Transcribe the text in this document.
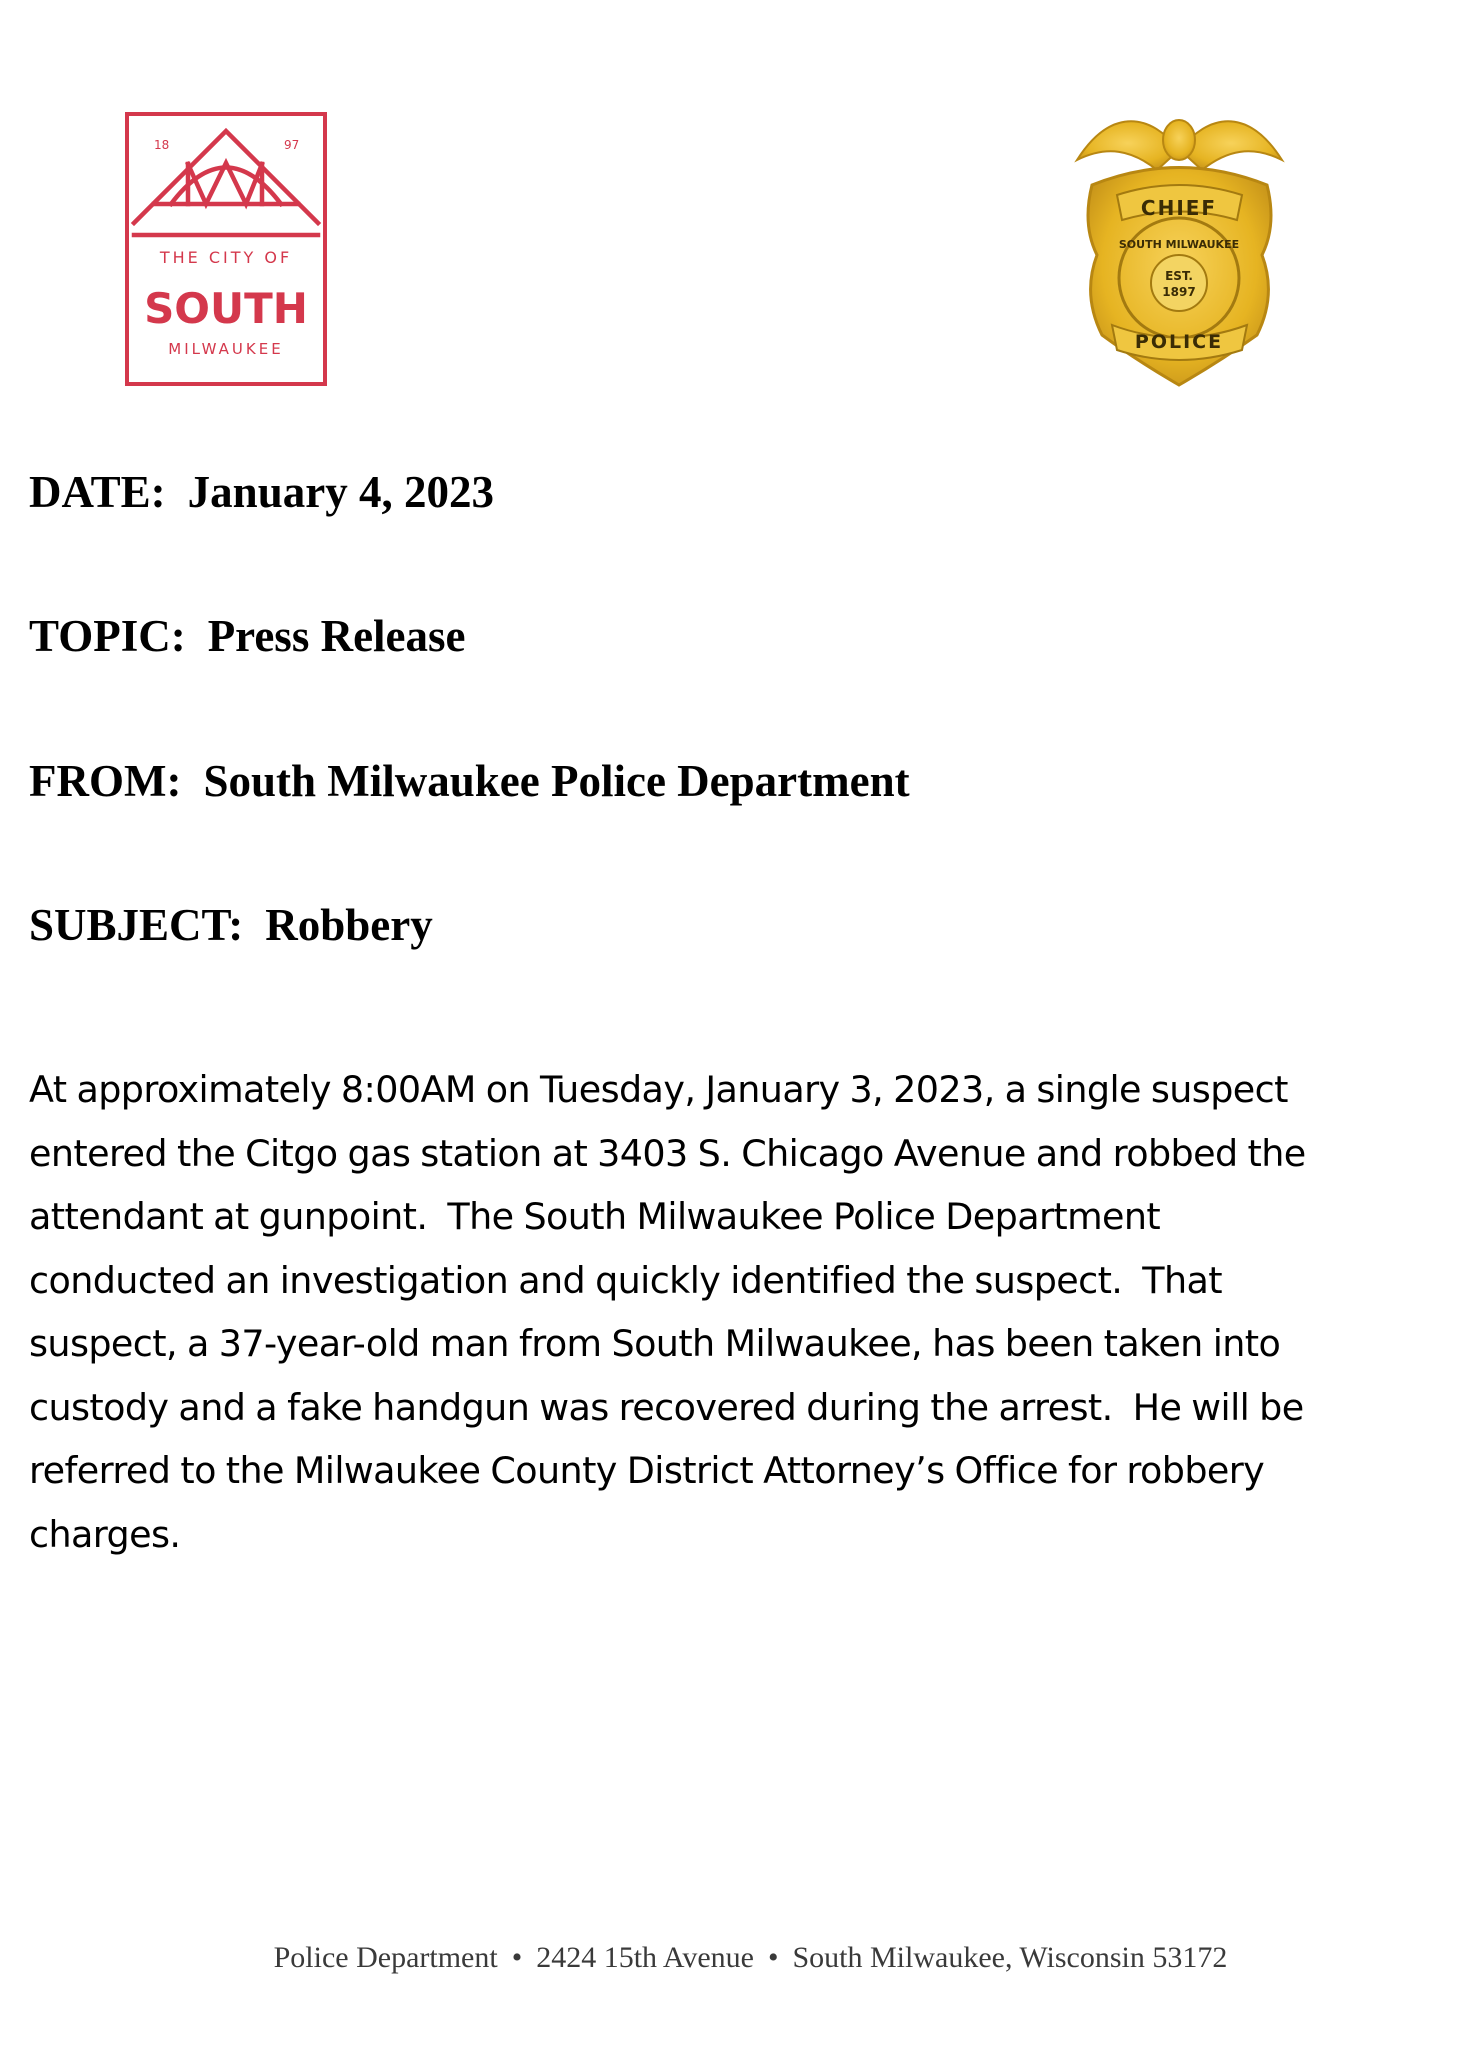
18	97
THE CITY OF
SOUTH
MILWAUKEE
CHIEF
SOUTH MILWAUKEE
EST.
1897
POLICE
DATE: January 4, 2023
TOPIC: Press Release
FROM: South Milwaukee Police Department
SUBJECT: Robbery

At approximately 8:00AM on Tuesday, January 3, 2023, a single suspect
entered the Citgo gas station at 3403 S. Chicago Avenue and robbed the
attendant at gunpoint.  The South Milwaukee Police Department
conducted an investigation and quickly identified the suspect.  That
suspect, a 37-year-old man from South Milwaukee, has been taken into
custody and a fake handgun was recovered during the arrest.  He will be
referred to the Milwaukee County District Attorney’s Office for robbery
charges.

Police Department • 2424 15th Avenue • South Milwaukee, Wisconsin 53172
